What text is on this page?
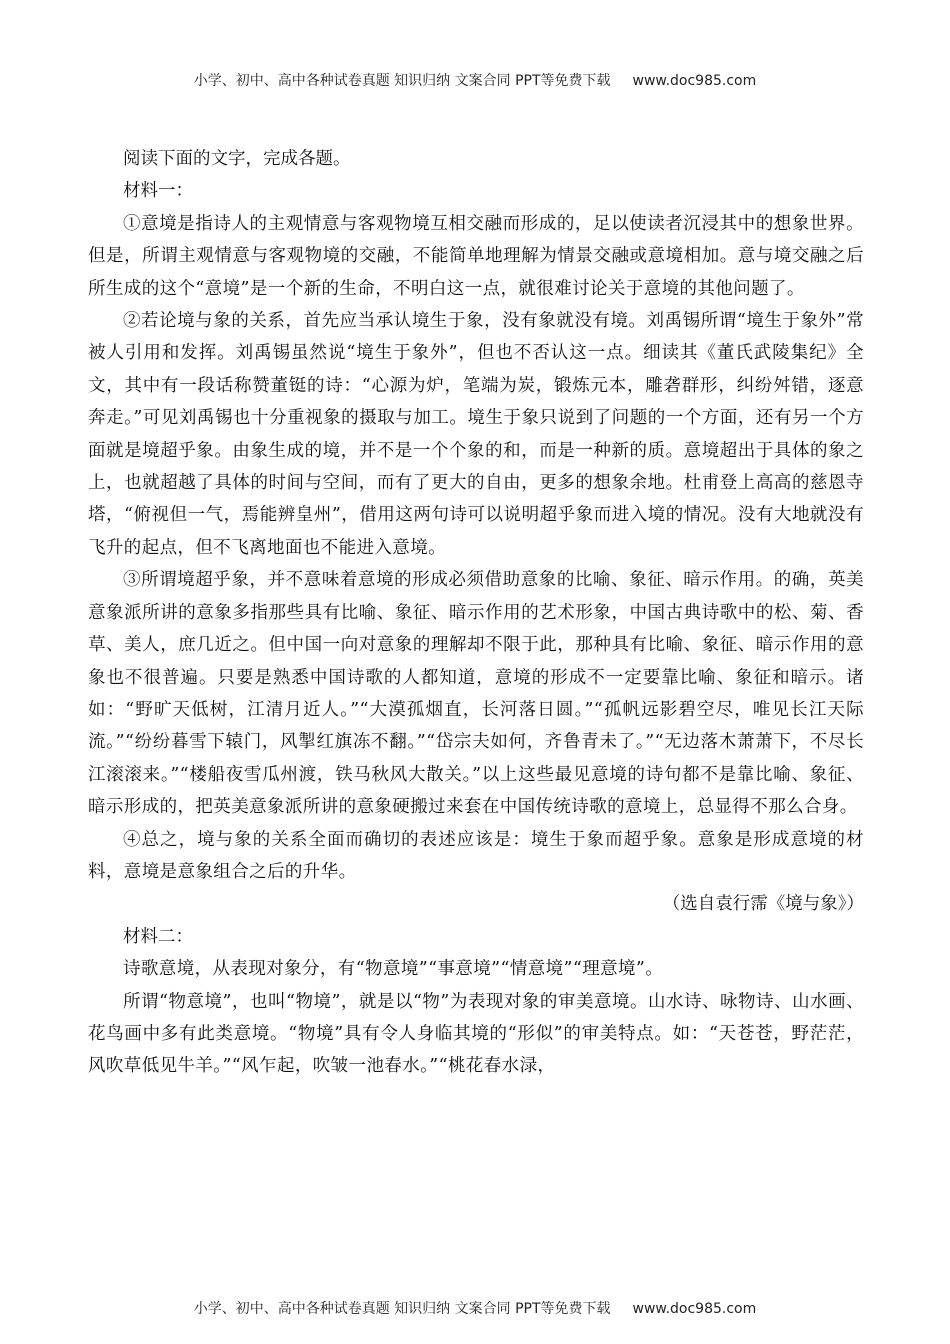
小学、初中、高中各种试卷真题 知识归纳 文案合同 PPT等免费下载 www.doc985.com
阅读下面的文字，完成各题。
材料一：
①意境是指诗人的主观情意与客观物境互相交融而形成的，足以使读者沉浸其中的想象世界。但是，所谓主观情意与客观物境的交融，不能简单地理解为情景交融或意境相加。意与境交融之后所生成的这个“意境”是一个新的生命，不明白这一点，就很难讨论关于意境的其他问题了。
②若论境与象的关系，首先应当承认境生于象，没有象就没有境。刘禹锡所谓“境生于象外”常被人引用和发挥。刘禹锡虽然说“境生于象外”，但也不否认这一点。细读其《董氏武陵集纪》全文，其中有一段话称赞董铤的诗：“心源为炉，笔端为炭，锻炼元本，雕砻群形，纠纷舛错，逐意奔走。”可见刘禹锡也十分重视象的摄取与加工。境生于象只说到了问题的一个方面，还有另一个方面就是境超乎象。由象生成的境，并不是一个个象的和，而是一种新的质。意境超出于具体的象之上，也就超越了具体的时间与空间，而有了更大的自由，更多的想象余地。杜甫登上高高的慈恩寺塔，“俯视但一气，焉能辨皇州”，借用这两句诗可以说明超乎象而进入境的情况。没有大地就没有飞升的起点，但不飞离地面也不能进入意境。
③所谓境超乎象，并不意味着意境的形成必须借助意象的比喻、象征、暗示作用。的确，英美意象派所讲的意象多指那些具有比喻、象征、暗示作用的艺术形象，中国古典诗歌中的松、菊、香草、美人，庶几近之。但中国一向对意象的理解却不限于此，那种具有比喻、象征、暗示作用的意象也不很普遍。只要是熟悉中国诗歌的人都知道，意境的形成不一定要靠比喻、象征和暗示。诸如：“野旷天低树，江清月近人。”“大漠孤烟直，长河落日圆。”“孤帆远影碧空尽，唯见长江天际流。”“纷纷暮雪下辕门，风掣红旗冻不翻。”“岱宗夫如何，齐鲁青未了。”“无边落木萧萧下，不尽长江滚滚来。”“楼船夜雪瓜州渡，铁马秋风大散关。”以上这些最见意境的诗句都不是靠比喻、象征、暗示形成的，把英美意象派所讲的意象硬搬过来套在中国传统诗歌的意境上，总显得不那么合身。
④总之，境与象的关系全面而确切的表述应该是：境生于象而超乎象。意象是形成意境的材料，意境是意象组合之后的升华。
（选自袁行霈《境与象》）
材料二：
诗歌意境，从表现对象分，有“物意境”“事意境”“情意境”“理意境”。
所谓“物意境”，也叫“物境”，就是以“物”为表现对象的审美意境。山水诗、咏物诗、山水画、花鸟画中多有此类意境。“物境”具有令人身临其境的“形似”的审美特点。如：“天苍苍，野茫茫，风吹草低见牛羊。”“风乍起，吹皱一池春水。”“桃花春水渌，
小学、初中、高中各种试卷真题 知识归纳 文案合同 PPT等免费下载 www.doc985.com
